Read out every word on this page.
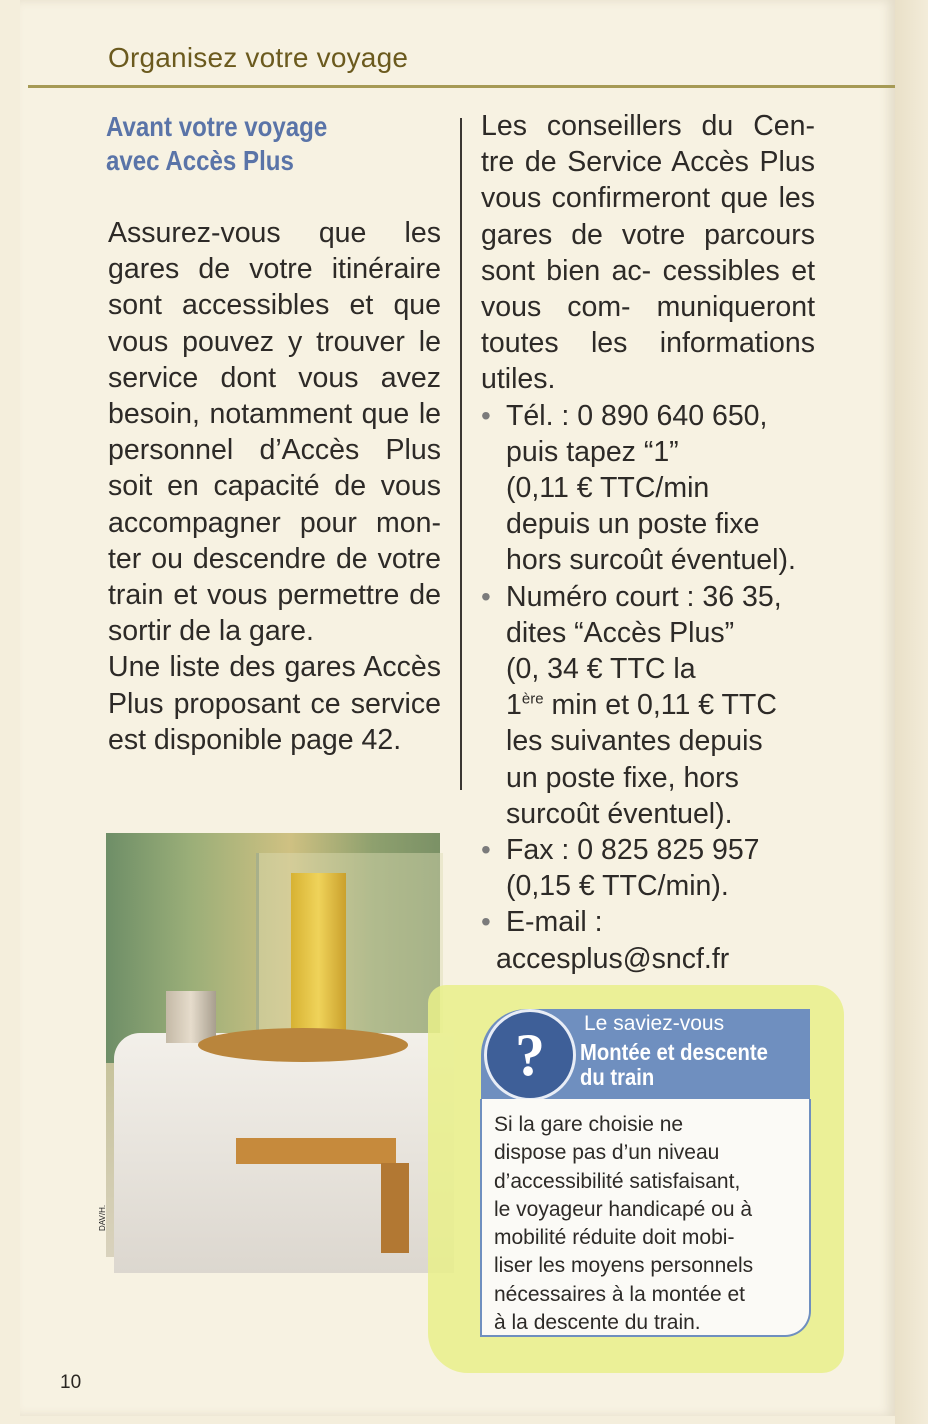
Organisez votre voyage
Avant votre voyage
avec Accès Plus

Assurez-vous que les gares de votre itinéraire sont accessibles et que vous pouvez y trouver le service dont vous avez besoin, notamment que le personnel d’Accès Plus soit en capacité de vous accompagner pour mon- ter ou descendre de votre train et vous permettre de sortir de la gare.

Une liste des gares Accès Plus proposant ce service est disponible page 42.

Les conseillers du Cen- tre de Service Accès Plus vous confirmeront que les gares de votre parcours sont bien ac- cessibles et vous com- muniqueront toutes les informations utiles.

• Tél. : 0 890 640 650,
puis tapez “1”
(0,11 € TTC/min
depuis un poste fixe
hors surcoût éventuel).
• Numéro court : 36 35,
dites “Accès Plus”
(0, 34 € TTC la
1ère min et 0,11 € TTC
les suivantes depuis
un poste fixe, hors
surcoût éventuel).
• Fax : 0 825 825 957
(0,15 € TTC/min).
• E-mail :
accesplus@sncf.fr
DAV/H.
?	Le saviez-vous
Montée et descente
du train
Si la gare choisie ne
dispose pas d’un niveau
d’accessibilité satisfaisant,
le voyageur handicapé ou à
mobilité réduite doit mobi-
liser les moyens personnels
nécessaires à la montée et
à la descente du train.
10
